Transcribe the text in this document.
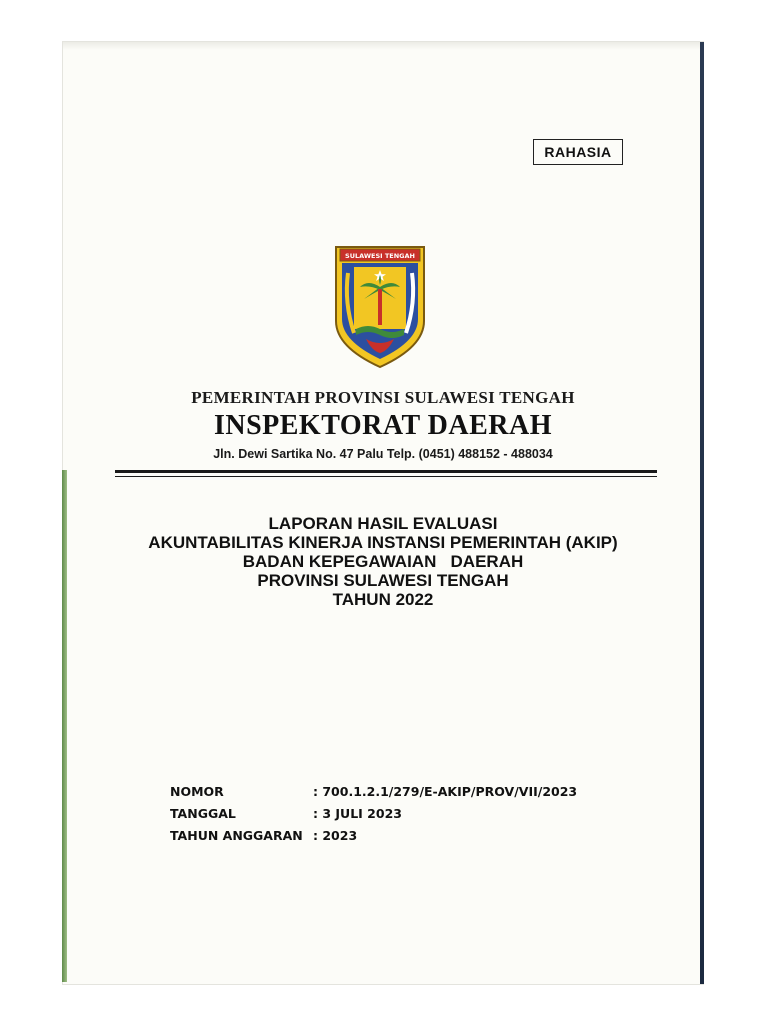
RAHASIA
SULAWESI TENGAH
PEMERINTAH PROVINSI SULAWESI TENGAH
INSPEKTORAT DAERAH
Jln. Dewi Sartika No. 47 Palu Telp. (0451) 488152 - 488034
LAPORAN HASIL EVALUASI
AKUNTABILITAS KINERJA INSTANSI PEMERINTAH (AKIP)
BADAN KEPEGAWAIAN   DAERAH
PROVINSI SULAWESI TENGAH
TAHUN 2022
NOMOR	: 700.1.2.1/279/E-AKIP/PROV/VII/2023
TANGGAL	: 3 JULI 2023
TAHUN ANGGARAN : 2023
